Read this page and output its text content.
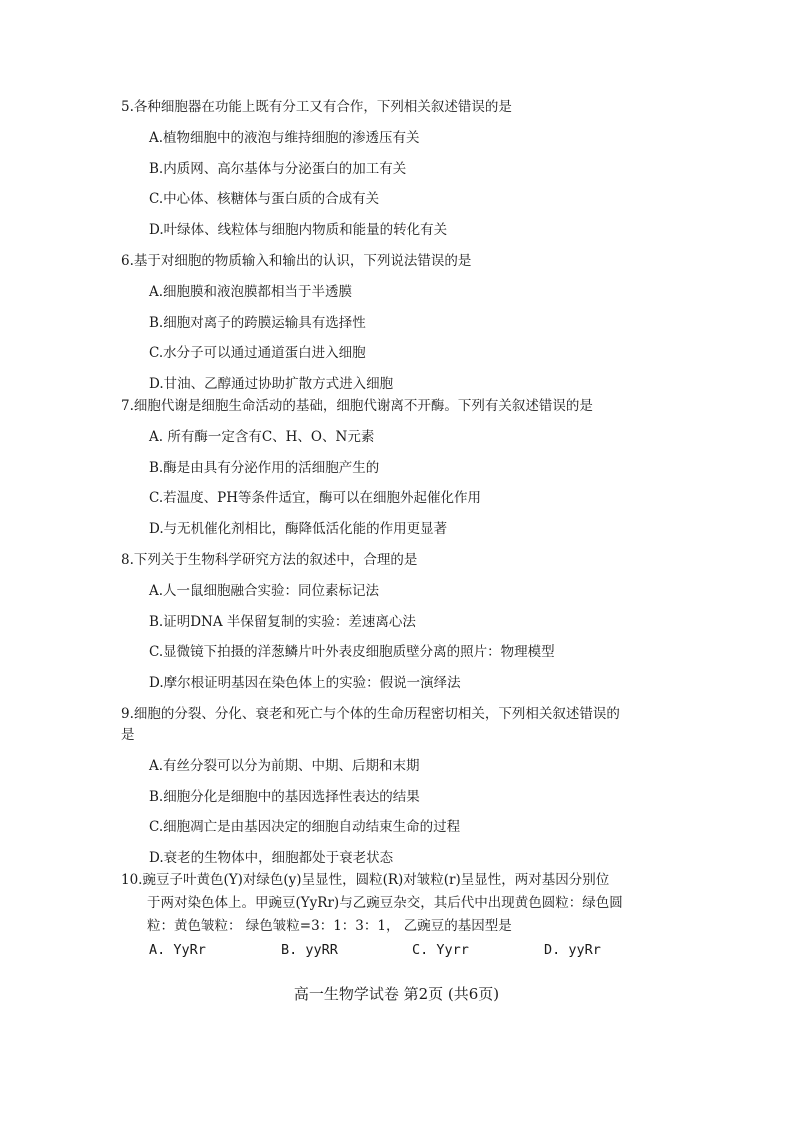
5.各种细胞器在功能上既有分工又有合作，下列相关叙述错误的是
A.植物细胞中的液泡与维持细胞的渗透压有关
B.内质网、高尔基体与分泌蛋白的加工有关
C.中心体、核糖体与蛋白质的合成有关
D.叶绿体、线粒体与细胞内物质和能量的转化有关
6.基于对细胞的物质输入和输出的认识，下列说法错误的是
A.细胞膜和液泡膜都相当于半透膜
B.细胞对离子的跨膜运输具有选择性
C.水分子可以通过通道蛋白进入细胞
D.甘油、乙醇通过协助扩散方式进入细胞
7.细胞代谢是细胞生命活动的基础，细胞代谢离不开酶。下列有关叙述错误的是
A. 所有酶一定含有C、H、O、N元素
B.酶是由具有分泌作用的活细胞产生的
C.若温度、PH等条件适宜，酶可以在细胞外起催化作用
D.与无机催化剂相比，酶降低活化能的作用更显著
8.下列关于生物科学研究方法的叙述中，合理的是
A.人一鼠细胞融合实验：同位素标记法
B.证明DNA 半保留复制的实验：差速离心法
C.显微镜下拍摄的洋葱鳞片叶外表皮细胞质壁分离的照片：物理模型
D.摩尔根证明基因在染色体上的实验：假说一演绎法
9.细胞的分裂、分化、衰老和死亡与个体的生命历程密切相关，下列相关叙述错误的
是
A.有丝分裂可以分为前期、中期、后期和末期
B.细胞分化是细胞中的基因选择性表达的结果
C.细胞凋亡是由基因决定的细胞自动结束生命的过程
D.衰老的生物体中，细胞都处于衰老状态
10.豌豆子叶黄色(Y)对绿色(y)呈显性，圆粒(R)对皱粒(r)呈显性，两对基因分别位
于两对染色体上。甲豌豆(YyRr)与乙豌豆杂交，其后代中出现黄色圆粒：绿色圆
粒：黄色皱粒： 绿色皱粒=3：1：3：1， 乙豌豆的基因型是
A. YyRr	B. yyRR	C. Yyrr	D. yyRr
高一生物学试卷 第2页 (共6页)
